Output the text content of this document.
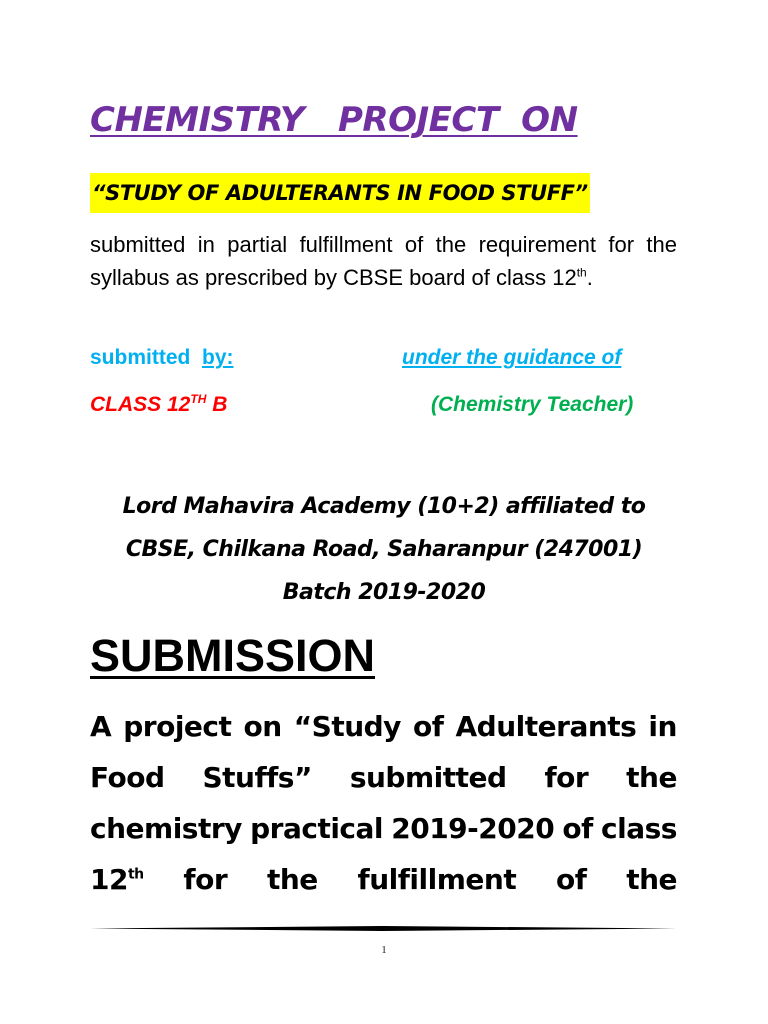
CHEMISTRY   PROJECT  ON
“STUDY OF ADULTERANTS IN FOOD STUFF”
submitted in partial fulfillment of the requirement for the syllabus as prescribed by CBSE board of class 12th.
submitted  by:	under the guidance of
CLASS 12TH B	(Chemistry Teacher)
Lord Mahavira Academy (10+2) affiliated to
CBSE, Chilkana Road, Saharanpur (247001)
Batch 2019-2020
SUBMISSION
A project on “Study of Adulterants in
Food Stuffs” submitted for the
chemistry practical 2019-2020 of class
12th for the fulfillment of the
1
